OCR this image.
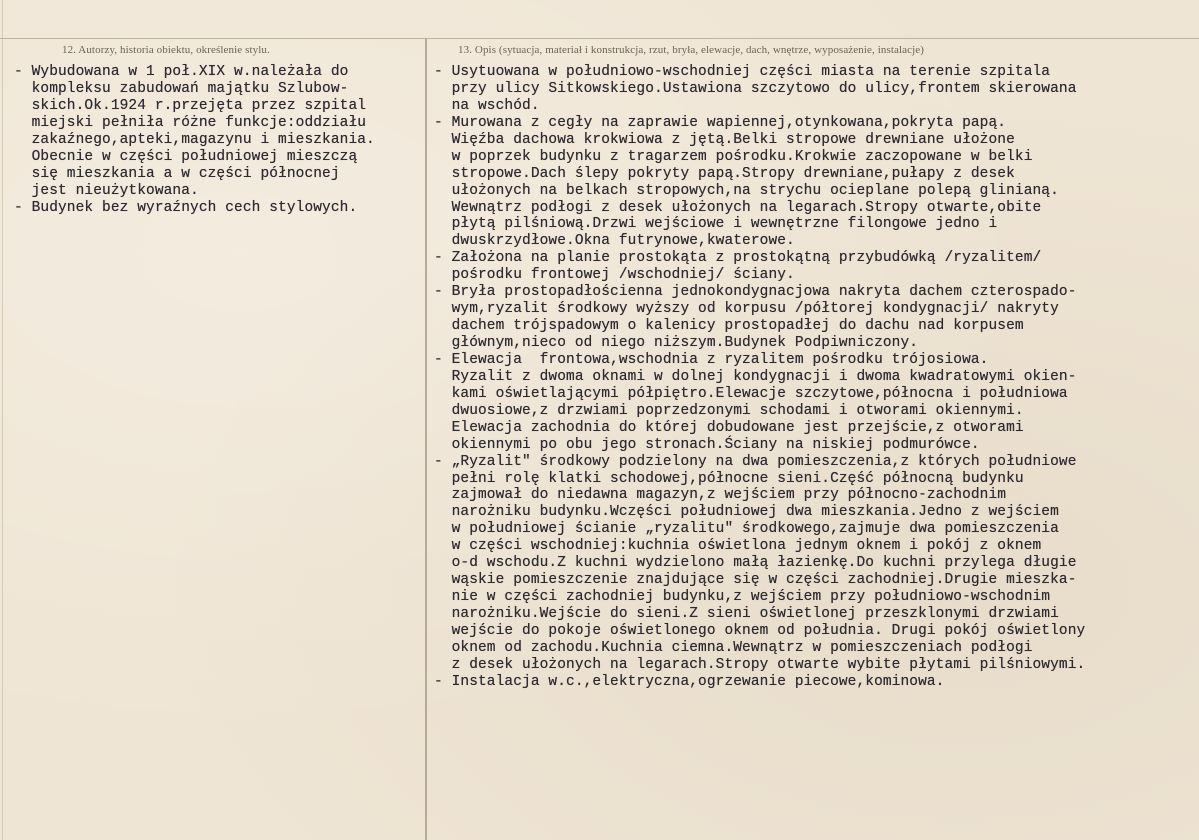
12. Autorzy, historia obiektu, określenie stylu.	13. Opis (sytuacja, materiał i konstrukcja, rzut, bryła, elewacje, dach, wnętrze, wyposażenie, instalacje)
- Wybudowana w 1 poł.XIX w.należała do
kompleksu zabudowań majątku Szlubow-
skich.Ok.1924 r.przejęta przez szpital
miejski pełniła różne funkcje:oddziału
zakaźnego,apteki,magazynu i mieszkania.
Obecnie w części południowej mieszczą
się mieszkania a w części północnej
jest nieużytkowana.
- Budynek bez wyraźnych cech stylowych.
- Usytuowana w południowo-wschodniej części miasta na terenie szpitala
przy ulicy Sitkowskiego.Ustawiona szczytowo do ulicy,frontem skierowana
na wschód.
- Murowana z cegły na zaprawie wapiennej,otynkowana,pokryta papą.
Więźba dachowa krokwiowa z jętą.Belki stropowe drewniane ułożone
w poprzek budynku z tragarzem pośrodku.Krokwie zaczopowane w belki
stropowe.Dach ślepy pokryty papą.Stropy drewniane,pułapy z desek
ułożonych na belkach stropowych,na strychu ocieplane polepą glinianą.
Wewnątrz podłogi z desek ułożonych na legarach.Stropy otwarte,obite
płytą pilśniową.Drzwi wejściowe i wewnętrzne filongowe jedno i
dwuskrzydłowe.Okna futrynowe,kwaterowe.
- Założona na planie prostokąta z prostokątną przybudówką /ryzalitem/
pośrodku frontowej /wschodniej/ ściany.
- Bryła prostopadłościenna jednokondygnacjowa nakryta dachem czterospado-
wym,ryzalit środkowy wyższy od korpusu /półtorej kondygnacji/ nakryty
dachem trójspadowym o kalenicy prostopadłej do dachu nad korpusem
głównym,nieco od niego niższym.Budynek Podpiwniczony.
- Elewacja  frontowa,wschodnia z ryzalitem pośrodku trójosiowa.
Ryzalit z dwoma oknami w dolnej kondygnacji i dwoma kwadratowymi okien-
kami oświetlającymi półpiętro.Elewacje szczytowe,północna i południowa
dwuosiowe,z drzwiami poprzedzonymi schodami i otworami okiennymi.
Elewacja zachodnia do której dobudowane jest przejście,z otworami
okiennymi po obu jego stronach.Ściany na niskiej podmurówce.
- „Ryzalit" środkowy podzielony na dwa pomieszczenia,z których południowe
pełni rolę klatki schodowej,północne sieni.Część północną budynku
zajmował do niedawna magazyn,z wejściem przy północno-zachodnim
narożniku budynku.Wczęści południowej dwa mieszkania.Jedno z wejściem
w południowej ścianie „ryzalitu" środkowego,zajmuje dwa pomieszczenia
w części wschodniej:kuchnia oświetlona jednym oknem i pokój z oknem
o-d wschodu.Z kuchni wydzielono małą łazienkę.Do kuchni przylega długie
wąskie pomieszczenie znajdujące się w części zachodniej.Drugie mieszka-
nie w części zachodniej budynku,z wejściem przy południowo-wschodnim
narożniku.Wejście do sieni.Z sieni oświetlonej przeszklonymi drzwiami
wejście do pokoje oświetlonego oknem od południa. Drugi pokój oświetlony
oknem od zachodu.Kuchnia ciemna.Wewnątrz w pomieszczeniach podłogi
z desek ułożonych na legarach.Stropy otwarte wybite płytami pilśniowymi.
- Instalacja w.c.,elektryczna,ogrzewanie piecowe,kominowa.
